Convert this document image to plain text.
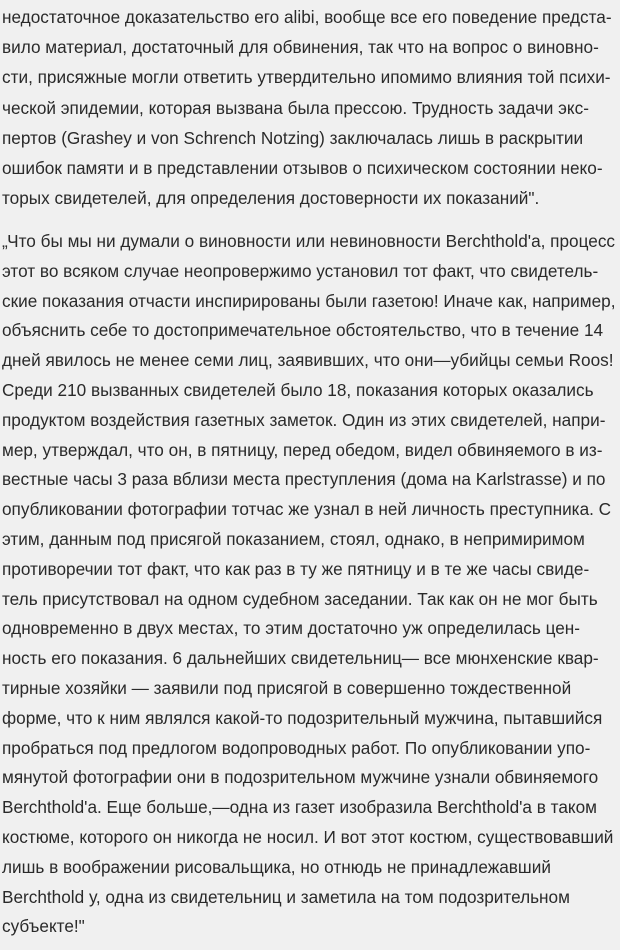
недостаточное доказательство его alibi, вообще все его поведение предста-
вило материал, достаточный для обвинения, так что на вопрос о виновно-
сти, присяжные могли ответить утвердительно ипомимо влияния той психи-
ческой эпидемии, которая вызвана была прессою. Трудность задачи экс-
пертов (Grashey и von Schrench Notzing) заключалась лишь в раскрытии
ошибок памяти и в представлении отзывов о психическом состоянии неко-
торых свидетелей, для определения достоверности их показаний".
„Что бы мы ни думали о виновности или невиновности Berchthold'a, процесс
этот во всяком случае неопровержимо установил тот факт, что свидетель-
ские показания отчасти инспирированы были газетою! Иначе как, например,
объяснить себе то достопримечательное обстоятельство, что в течение 14
дней явилось не менее семи лиц, заявивших, что они—убийцы семьи Roos!
Среди 210 вызванных свидетелей было 18, показания которых оказались
продуктом воздействия газетных заметок. Один из этих свидетелей, напри-
мер, утверждал, что он, в пятницу, перед обедом, видел обвиняемого в из-
вестные часы 3 раза вблизи места преступления (дома на Karlstrasse) и по
опубликовании фотографии тотчас же узнал в ней личность преступника. С
этим, данным под присягой показанием, стоял, однако, в непримиримом
противоречии тот факт, что как раз в ту же пятницу и в те же часы свиде-
тель присутствовал на одном судебном заседании. Так как он не мог быть
одновременно в двух местах, то этим достаточно уж определилась цен-
ность его показания. 6 дальнейших свидетельниц— все мюнхенские квар-
тирные хозяйки — заявили под присягой в совершенно тождественной
форме, что к ним являлся какой-то подозрительный мужчина, пытавшийся
пробраться под предлогом водопроводных работ. По опубликовании упо-
мянутой фотографии они в подозрительном мужчине узнали обвиняемого
Berchthold'a. Еще больше,—одна из газет изобразила Berchthold'a в таком
костюме, которого он никогда не носил. И вот этот костюм, существовавший
лишь в воображении рисовальщика, но отнюдь не принадлежавший
Berchthold у, одна из свидетельниц и заметила на том подозрительном
субъекте!"
